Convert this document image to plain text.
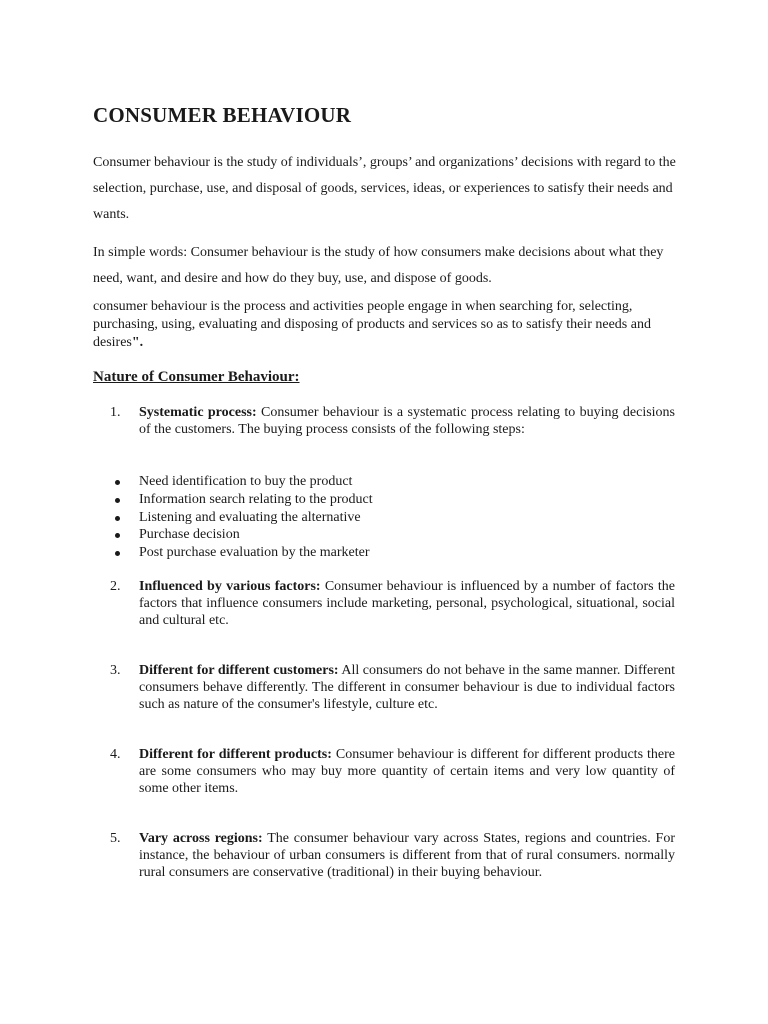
CONSUMER BEHAVIOUR

Consumer behaviour is the study of individuals’, groups’ and organizations’ decisions with regard to the selection, purchase, use, and disposal of goods, services, ideas, or experiences to satisfy their needs and wants.

In simple words: Consumer behaviour is the study of how consumers make decisions about what they need, want, and desire and how do they buy, use, and dispose of goods.

consumer behaviour is the process and activities people engage in when searching for, selecting, purchasing, using, evaluating and disposing of products and services so as to satisfy their needs and desires".

Nature of Consumer Behaviour:
1.	Systematic process: Consumer behaviour is a systematic process relating to buying decisions of the customers. The buying process consists of the following steps:
Need identification to buy the product
Information search relating to the product
Listening and evaluating the alternative
Purchase decision
Post purchase evaluation by the marketer
2.	Influenced by various factors: Consumer behaviour is influenced by a number of factors the factors that influence consumers include marketing, personal, psychological, situational, social and cultural etc.
3.	Different for different customers: All consumers do not behave in the same manner. Different consumers behave differently. The different in consumer behaviour is due to individual factors such as nature of the consumer's lifestyle, culture etc.
4.	Different for different products: Consumer behaviour is different for different products there are some consumers who may buy more quantity of certain items and very low quantity of some other items.
5.	Vary across regions: The consumer behaviour vary across States, regions and countries. For instance, the behaviour of urban consumers is different from that of rural consumers. normally rural consumers are conservative (traditional) in their buying behaviour.
